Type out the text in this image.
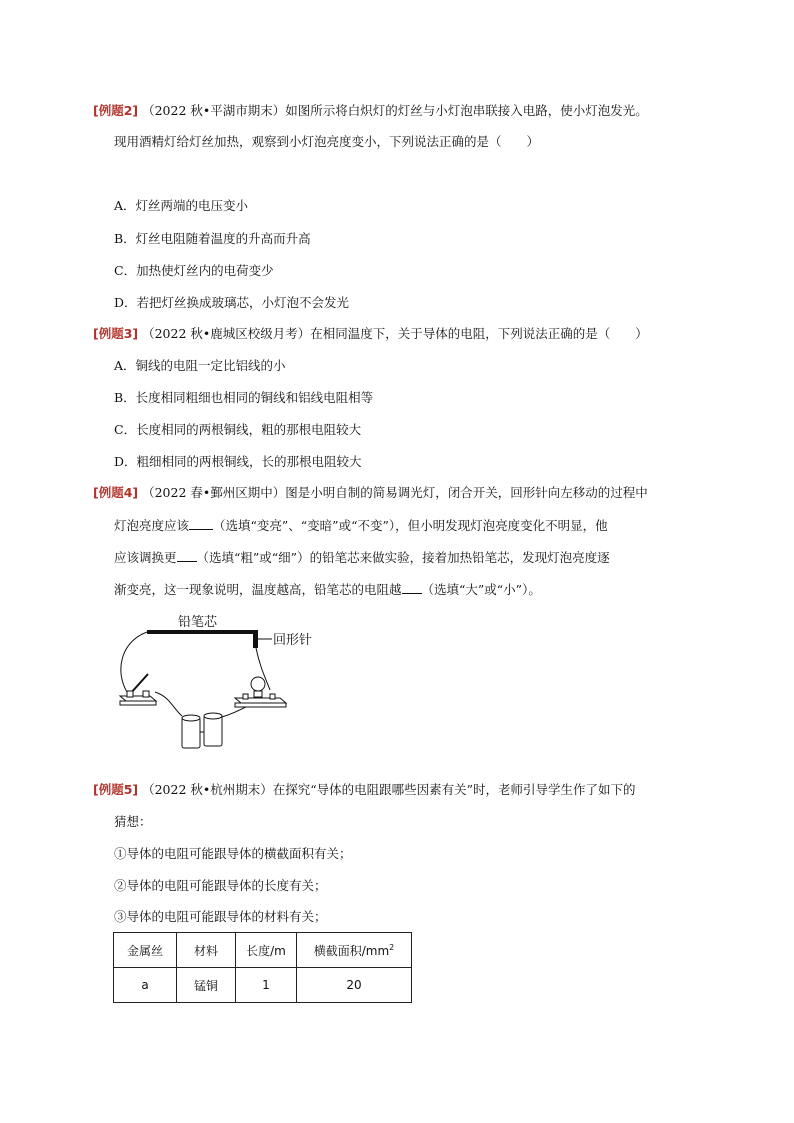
[例题2] （2022 秋•平湖市期末）如图所示将白炽灯的灯丝与小灯泡串联接入电路，使小灯泡发光。
现用酒精灯给灯丝加热，观察到小灯泡亮度变小，下列说法正确的是（　　）
A．灯丝两端的电压变小
B．灯丝电阻随着温度的升高而升高
C．加热使灯丝内的电荷变少
D．若把灯丝换成玻璃芯，小灯泡不会发光
[例题3] （2022 秋•鹿城区校级月考）在相同温度下，关于导体的电阻，下列说法正确的是（　　）
A．铜线的电阻一定比铝线的小
B．长度相同粗细也相同的铜线和铝线电阻相等
C．长度相同的两根铜线，粗的那根电阻较大
D．粗细相同的两根铜线，长的那根电阻较大
[例题4] （2022 春•鄞州区期中）图是小明自制的简易调光灯，闭合开关，回形针向左移动的过程中
灯泡亮度应该 （选填“变亮”、“变暗”或“不变”），但小明发现灯泡亮度变化不明显，他
应该调换更 （选填“粗”或“细”）的铅笔芯来做实验，接着加热铅笔芯，发现灯泡亮度逐
渐变亮，这一现象说明，温度越高，铅笔芯的电阻越 （选填“大”或“小”）。
铅笔芯
回形针
[例题5] （2022 秋•杭州期末）在探究“导体的电阻跟哪些因素有关”时，老师引导学生作了如下的
猜想：
①导体的电阻可能跟导体的横截面积有关；
②导体的电阻可能跟导体的长度有关；
③导体的电阻可能跟导体的材料有关；
金属丝	材料	长度/m	横截面积$/mm^2$
a	锰铜	1	20
